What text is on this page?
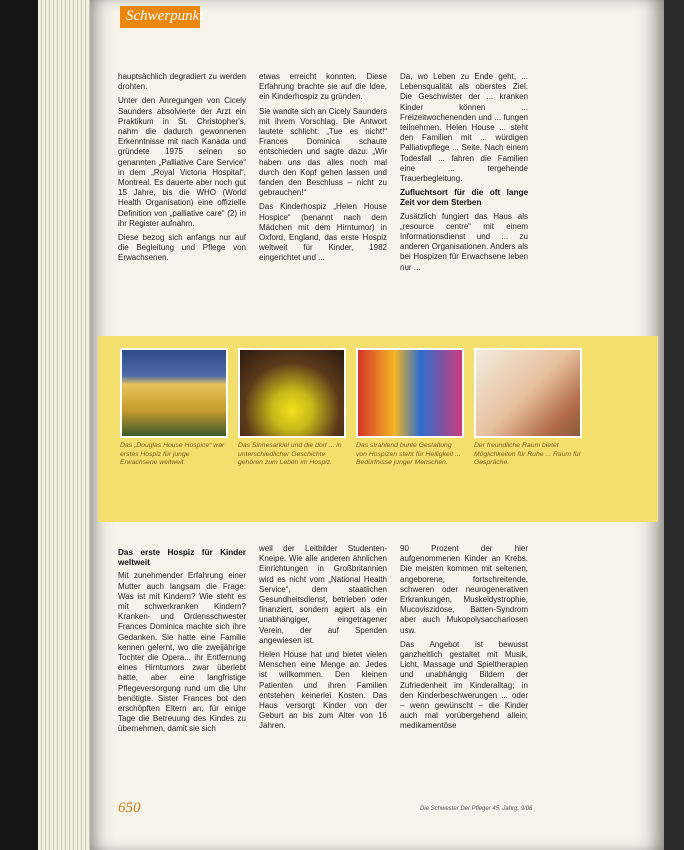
Schwerpunkt

hauptsächlich degradiert zu werden drohten.

Unter den Anregungen von Cicely Saunders absolvierte der Arzt ein Praktikum in St. Christopher's, nahm die dadurch gewonnenen Erkenntnisse mit nach Kanada und gründete 1975 seinen so genannten „Palliative Care Service“ in dem „Royal Victoria Hospital“, Montreal. Es dauerte aber noch gut 15 Jahre, bis die WHO (World Health Organisation) eine offizielle Definition von „palliative care“ (2) in ihr Register aufnahm.

Diese bezog sich anfangs nur auf die Begleitung und Pflege von Erwachsenen.

etwas erreicht konnten. Diese Erfahrung brachte sie auf die Idee, ein Kinderhospiz zu gründen.

Sie wandte sich an Cicely Saunders mit ihrem Vorschlag. Die Antwort lautete schlicht: „Tue es nicht!“ Frances Dominica schaute entschieden und sagte dazu: „Wir haben uns das alles noch mal durch den Kopf gehen lassen und fanden den Beschluss – nicht zu gebrauchen!“

Das Kinderhospiz „Helen House Hospice“ (benannt nach dem Mädchen mit dem Hirntumor) in Oxford, England, das erste Hospiz weltweit für Kinder, 1982 eingerichtet und ...

Da, wo Leben zu Ende geht, ... Lebensqualität als oberstes Ziel. Die Geschwister der ... kranken Kinder können ... Freizeitwochenenden und ... fungen teilnehmen. Helen House ... steht den Familien mit ... würdigen Palliativpflege ... Seite. Nach einem Todesfall ... fahren die Familien eine ... tergehende Trauerbegleitung.

Zufluchtsort für die oft lange Zeit vor dem Sterben

Zusätzlich fungiert das Haus als „resource centre“ mit einem Informationsdienst und ... zu anderen Organisationen. Anders als bei Hospizen für Erwachsene leben nur ...

Das „Douglas House Hospice“ war erstes Hospiz für junge Erwachsene weltweit.
Das Sinnesarkiel und die dort ... in unterschiedlicher Geschichte gehören zum Leben im Hospiz.
Das strahlend bunte Gestaltung von Hospizen steht für Helligkeit ... Bedürfnisse junger Menschen.
Der freundliche Raum bietet Möglichkeiten für Ruhe ... Raum für Gespräche.
Das erste Hospiz für Kinder weltweit

Mit zunehmender Erfahrung einer Mutter auch langsam die Frage: Was ist mit Kindern? Wie steht es mit schwerkranken Kindern? Kranken- und Ordensschwester Frances Dominica machte sich ihre Gedanken. Sie hatte eine Familie kennen gelernt, wo die zweijährige Tochter die Opera... ihr Entfernung eines Hirntumors zwar überlebt hatte, aber eine langfristige Pflegeversorgung rund um die Uhr benötigte. Sister Frances bot den erschöpften Eltern an, für einige Tage die Betreuung des Kindes zu übernehmen, damit sie sich

weil der Leitbilder Studenten-Kneipe. Wie alle anderen ähnlichen Einrichtungen in Großbritannien wird es nicht vom „National Health Service“, dem staatlichen Gesundheitsdienst, betrieben oder finanziert, sondern agiert als ein unabhängiger, eingetragener Verein, der auf Spenden angewiesen ist.

Helen House hat und bietet vielen Menschen eine Menge an. Jedes ist willkommen. Den kleinen Patienten und ihren Familien entstehen keinerlei Kosten. Das Haus versorgt Kinder von der Geburt an bis zum Alter von 16 Jahren.

90 Prozent der hier aufgenommenen Kinder an Krebs. Die meisten kommen mit seltenen, angeborene, fortschreitende, schweren oder neurogenerativen Erkrankungen, Muskeldystrophie, Mucoviszidose, Batten-Syndrom aber auch Mukopolysacchariosen usw.

Das Angebot ist bewusst ganzheitlich gestaltet mit Musik, Licht, Massage und Spieltherapien und unabhängig Bildern der Zufriedenheit im Kinderalltag; in den Kinderbeschwerungen ... oder – wenn gewünscht – die Kinder auch mal vorübergehend allein; medikamentöse

650	Die Schwester Der Pfleger 45. Jahrg. 9/06
